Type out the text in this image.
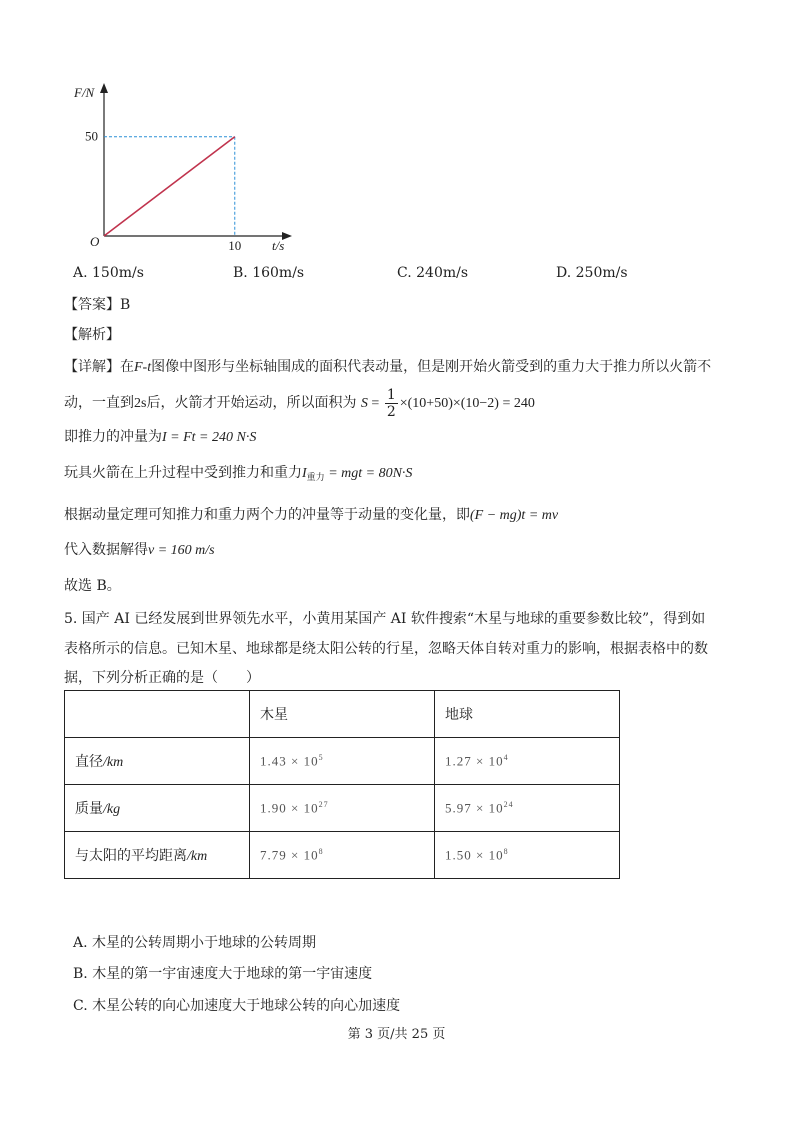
F/N
t/s
O
50
10
A. 150m/s	B. 160m/s	C. 240m/s	D. 250m/s
【答案】B
【解析】
【详解】在F-t图像中图形与坐标轴围成的面积代表动量，但是刚开始火箭受到的重力大于推力所以火箭不
动，一直到2s后，火箭才开始运动，所以面积为 $S = \frac{1}{2} \times(10+50)\times(10-2) = 240$
即推力的冲量为I = Ft = 240 N·S
玩具火箭在上升过程中受到推力和重力$I_{重力}$ = mgt = 80N·S
根据动量定理可知推力和重力两个力的冲量等于动量的变化量，即(F − mg)t = mv
代入数据解得v = 160 m/s
故选 B。
5. 国产 AI 已经发展到世界领先水平，小黄用某国产 AI 软件搜索“木星与地球的重要参数比较”，得到如
表格所示的信息。已知木星、地球都是绕太阳公转的行星，忽略天体自转对重力的影响，根据表格中的数
据，下列分析正确的是（　　）
	木星	地球
直径/km	$1.43 \times 10^5$	$1.27 \times 10^4$
质量/kg	$1.90 \times 10^{27}$	$5.97 \times 10^{24}$
与太阳的平均距离/km	$7.79 \times 10^8$	$1.50 \times 10^8$
A. 木星的公转周期小于地球的公转周期
B. 木星的第一宇宙速度大于地球的第一宇宙速度
C. 木星公转的向心加速度大于地球公转的向心加速度
第 3 页/共 25 页
